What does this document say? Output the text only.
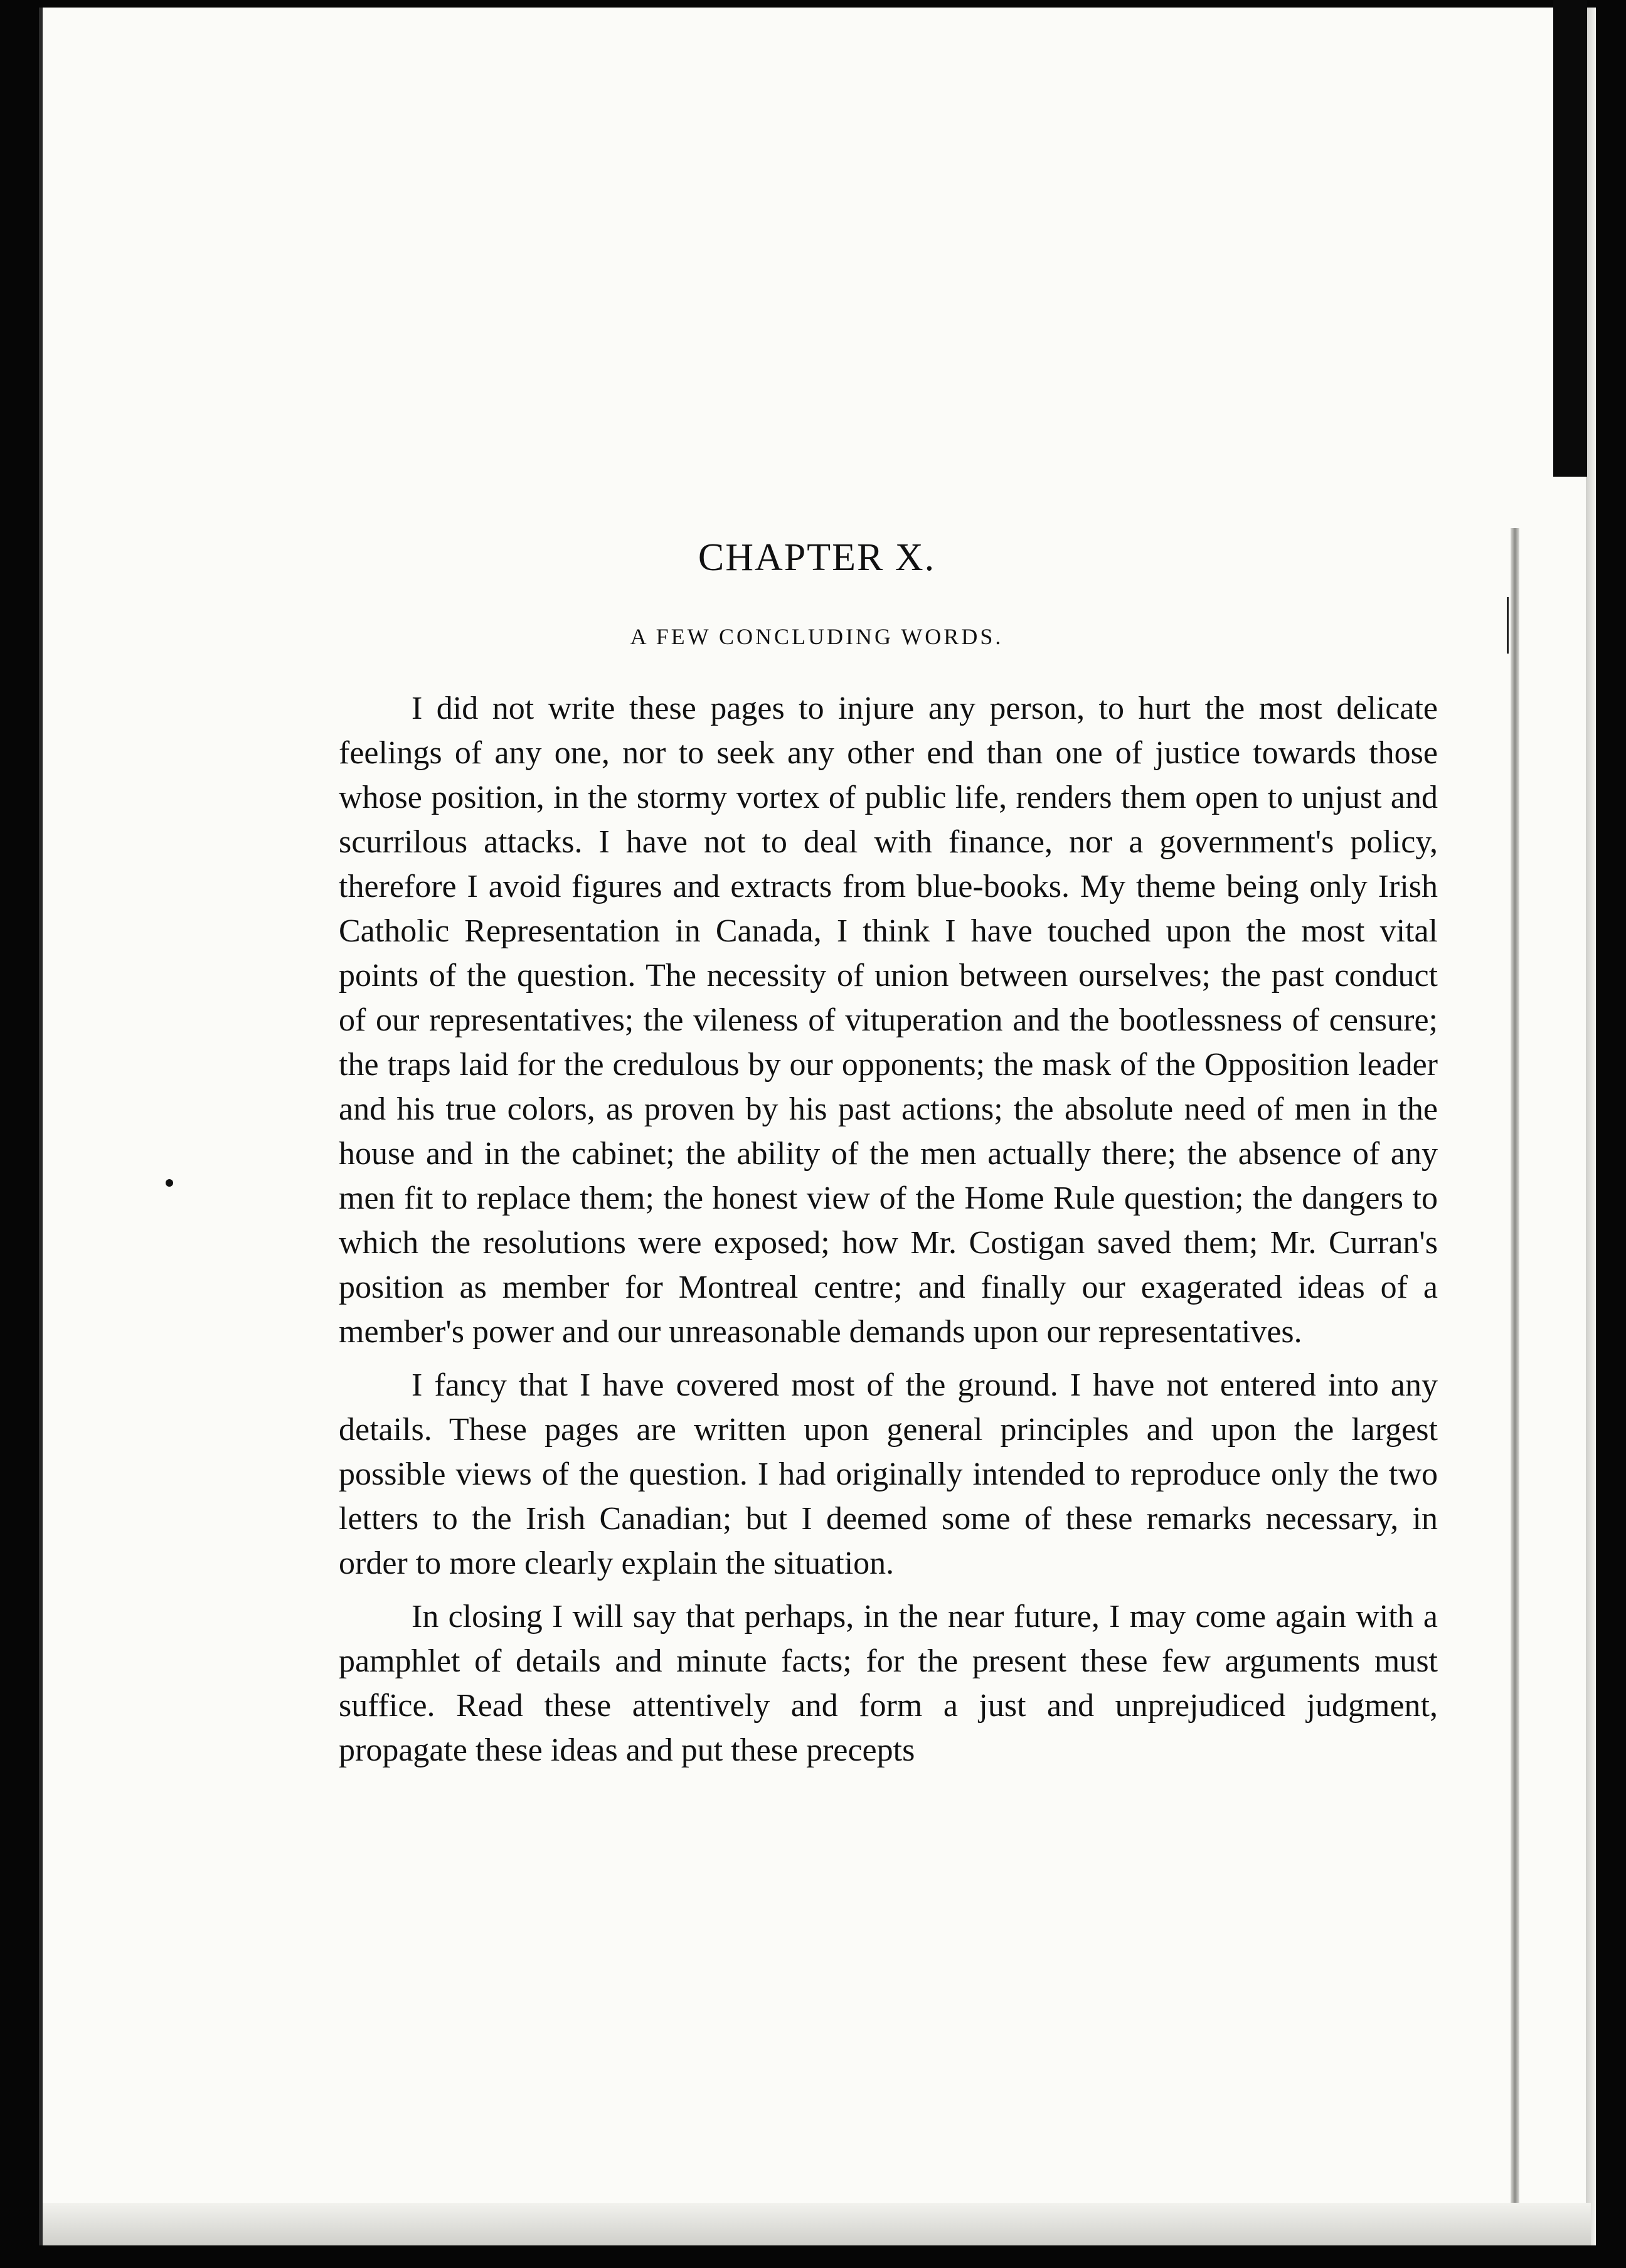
CHAPTER X.
A FEW CONCLUDING WORDS.

I did not write these pages to injure any person, to hurt the most delicate feelings of any one, nor to seek any other end than one of justice towards those whose position, in the stormy vortex of public life, renders them open to unjust and scurrilous attacks. I have not to deal with finance, nor a government's policy, therefore I avoid figures and extracts from blue-books. My theme being only Irish Catholic Representation in Canada, I think I have touched upon the most vital points of the question. The necessity of union between ourselves; the past conduct of our representatives; the vileness of vituperation and the bootlessness of censure; the traps laid for the credulous by our opponents; the mask of the Opposition leader and his true colors, as proven by his past actions; the absolute need of men in the house and in the cabinet; the ability of the men actually there; the absence of any men fit to replace them; the honest view of the Home Rule question; the dangers to which the resolutions were exposed; how Mr. Costigan saved them; Mr. Curran's position as member for Montreal centre; and finally our exagerated ideas of a member's power and our unreasonable demands upon our representatives.

I fancy that I have covered most of the ground. I have not entered into any details. These pages are written upon general principles and upon the largest possible views of the question. I had originally intended to reproduce only the two letters to the Irish Canadian; but I deemed some of these remarks necessary, in order to more clearly explain the situation.

In closing I will say that perhaps, in the near future, I may come again with a pamphlet of details and minute facts; for the present these few arguments must suffice. Read these attentively and form a just and unprejudiced judgment, propagate these ideas and put these precepts
